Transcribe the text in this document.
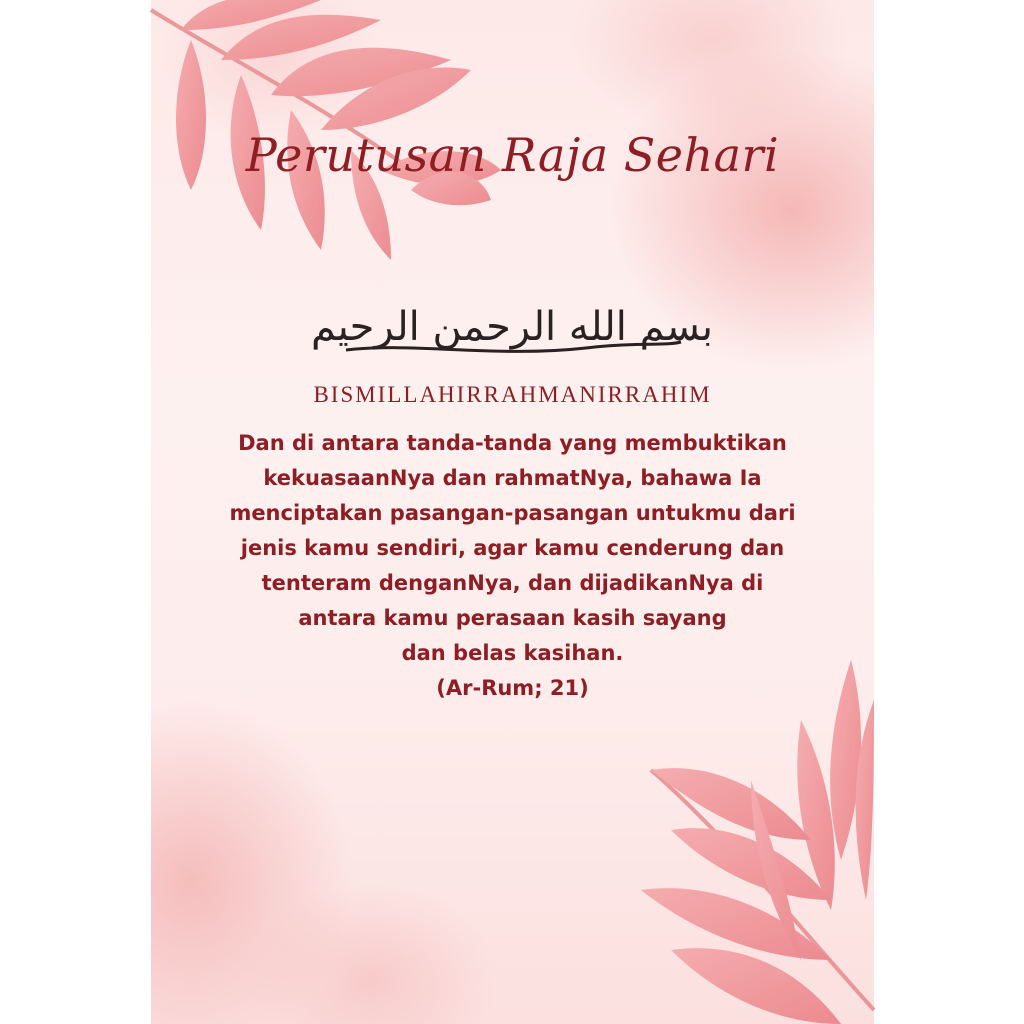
Perutusan Raja Sehari
بسم الله الرحمن الرحيم
BISMILLAHIRRAHMANIRRAHIM
Dan di antara tanda-tanda yang membuktikan
kekuasaanNya dan rahmatNya, bahawa Ia
menciptakan pasangan-pasangan untukmu dari
jenis kamu sendiri, agar kamu cenderung dan
tenteram denganNya, dan dijadikanNya di
antara kamu perasaan kasih sayang
dan belas kasihan.
(Ar-Rum; 21)
